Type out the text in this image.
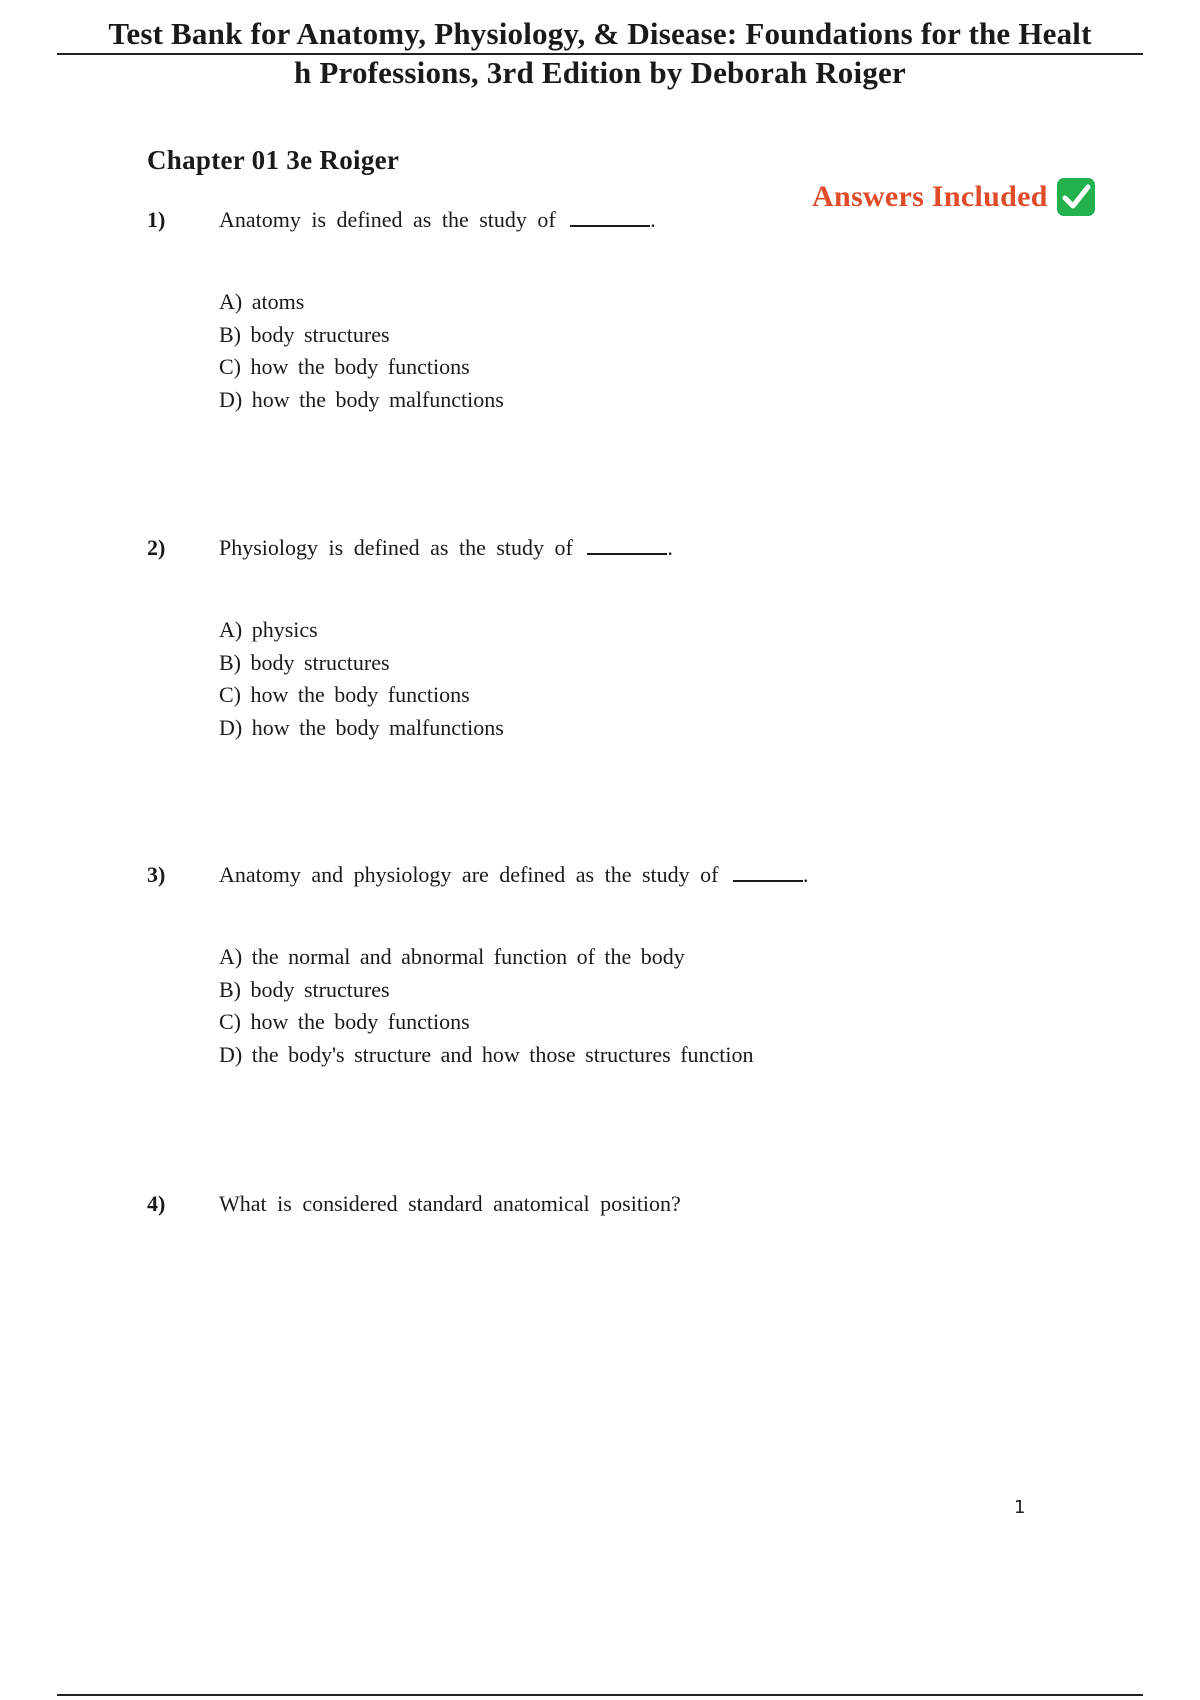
Test Bank for Anatomy, Physiology, & Disease: Foundations for the Healt
h Professions, 3rd Edition by Deborah Roiger
Chapter 01 3e Roiger
Answers Included
1) Anatomy is defined as the study of	.
A) atoms
B) body structures
C) how the body functions
D) how the body malfunctions
2) Physiology is defined as the study of	.
A) physics
B) body structures
C) how the body functions
D) how the body malfunctions
3) Anatomy and physiology are defined as the study of	.
A) the normal and abnormal function of the body
B) body structures
C) how the body functions
D) the body's structure and how those structures function
4) What is considered standard anatomical position?
1
